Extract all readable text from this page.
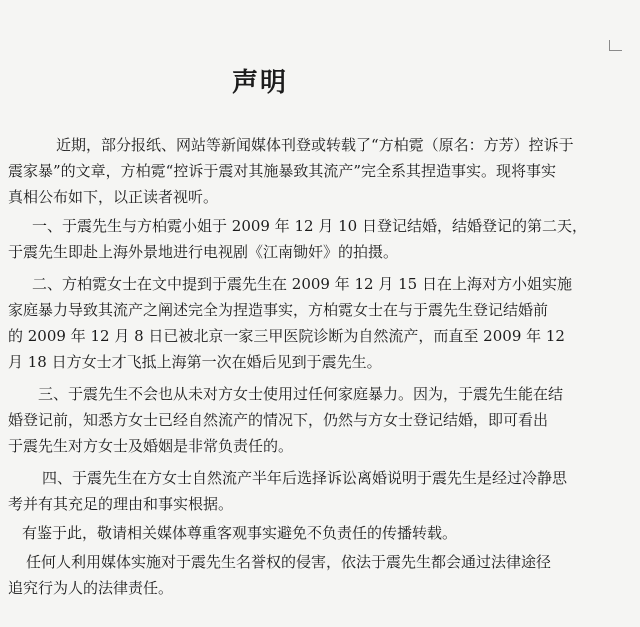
声明
近期，部分报纸、网站等新闻媒体刊登或转载了“方柏霓（原名：方芳）控诉于
震家暴”的文章，方柏霓“控诉于震对其施暴致其流产”完全系其捏造事实。现将事实
真相公布如下，以正读者视听。
一、于震先生与方柏霓小姐于 2009 年 12 月 10 日登记结婚，结婚登记的第二天，
于震先生即赴上海外景地进行电视剧《江南锄奸》的拍摄。
二、方柏霓女士在文中提到于震先生在 2009 年 12 月 15 日在上海对方小姐实施
家庭暴力导致其流产之阐述完全为捏造事实，方柏霓女士在与于震先生登记结婚前
的 2009 年 12 月 8 日已被北京一家三甲医院诊断为自然流产，而直至 2009 年 12
月 18 日方女士才飞抵上海第一次在婚后见到于震先生。
三、于震先生不会也从未对方女士使用过任何家庭暴力。因为，于震先生能在结
婚登记前，知悉方女士已经自然流产的情况下，仍然与方女士登记结婚，即可看出
于震先生对方女士及婚姻是非常负责任的。
四、于震先生在方女士自然流产半年后选择诉讼离婚说明于震先生是经过冷静思
考并有其充足的理由和事实根据。
有鉴于此，敬请相关媒体尊重客观事实避免不负责任的传播转载。
任何人利用媒体实施对于震先生名誉权的侵害，依法于震先生都会通过法律途径
追究行为人的法律责任。
